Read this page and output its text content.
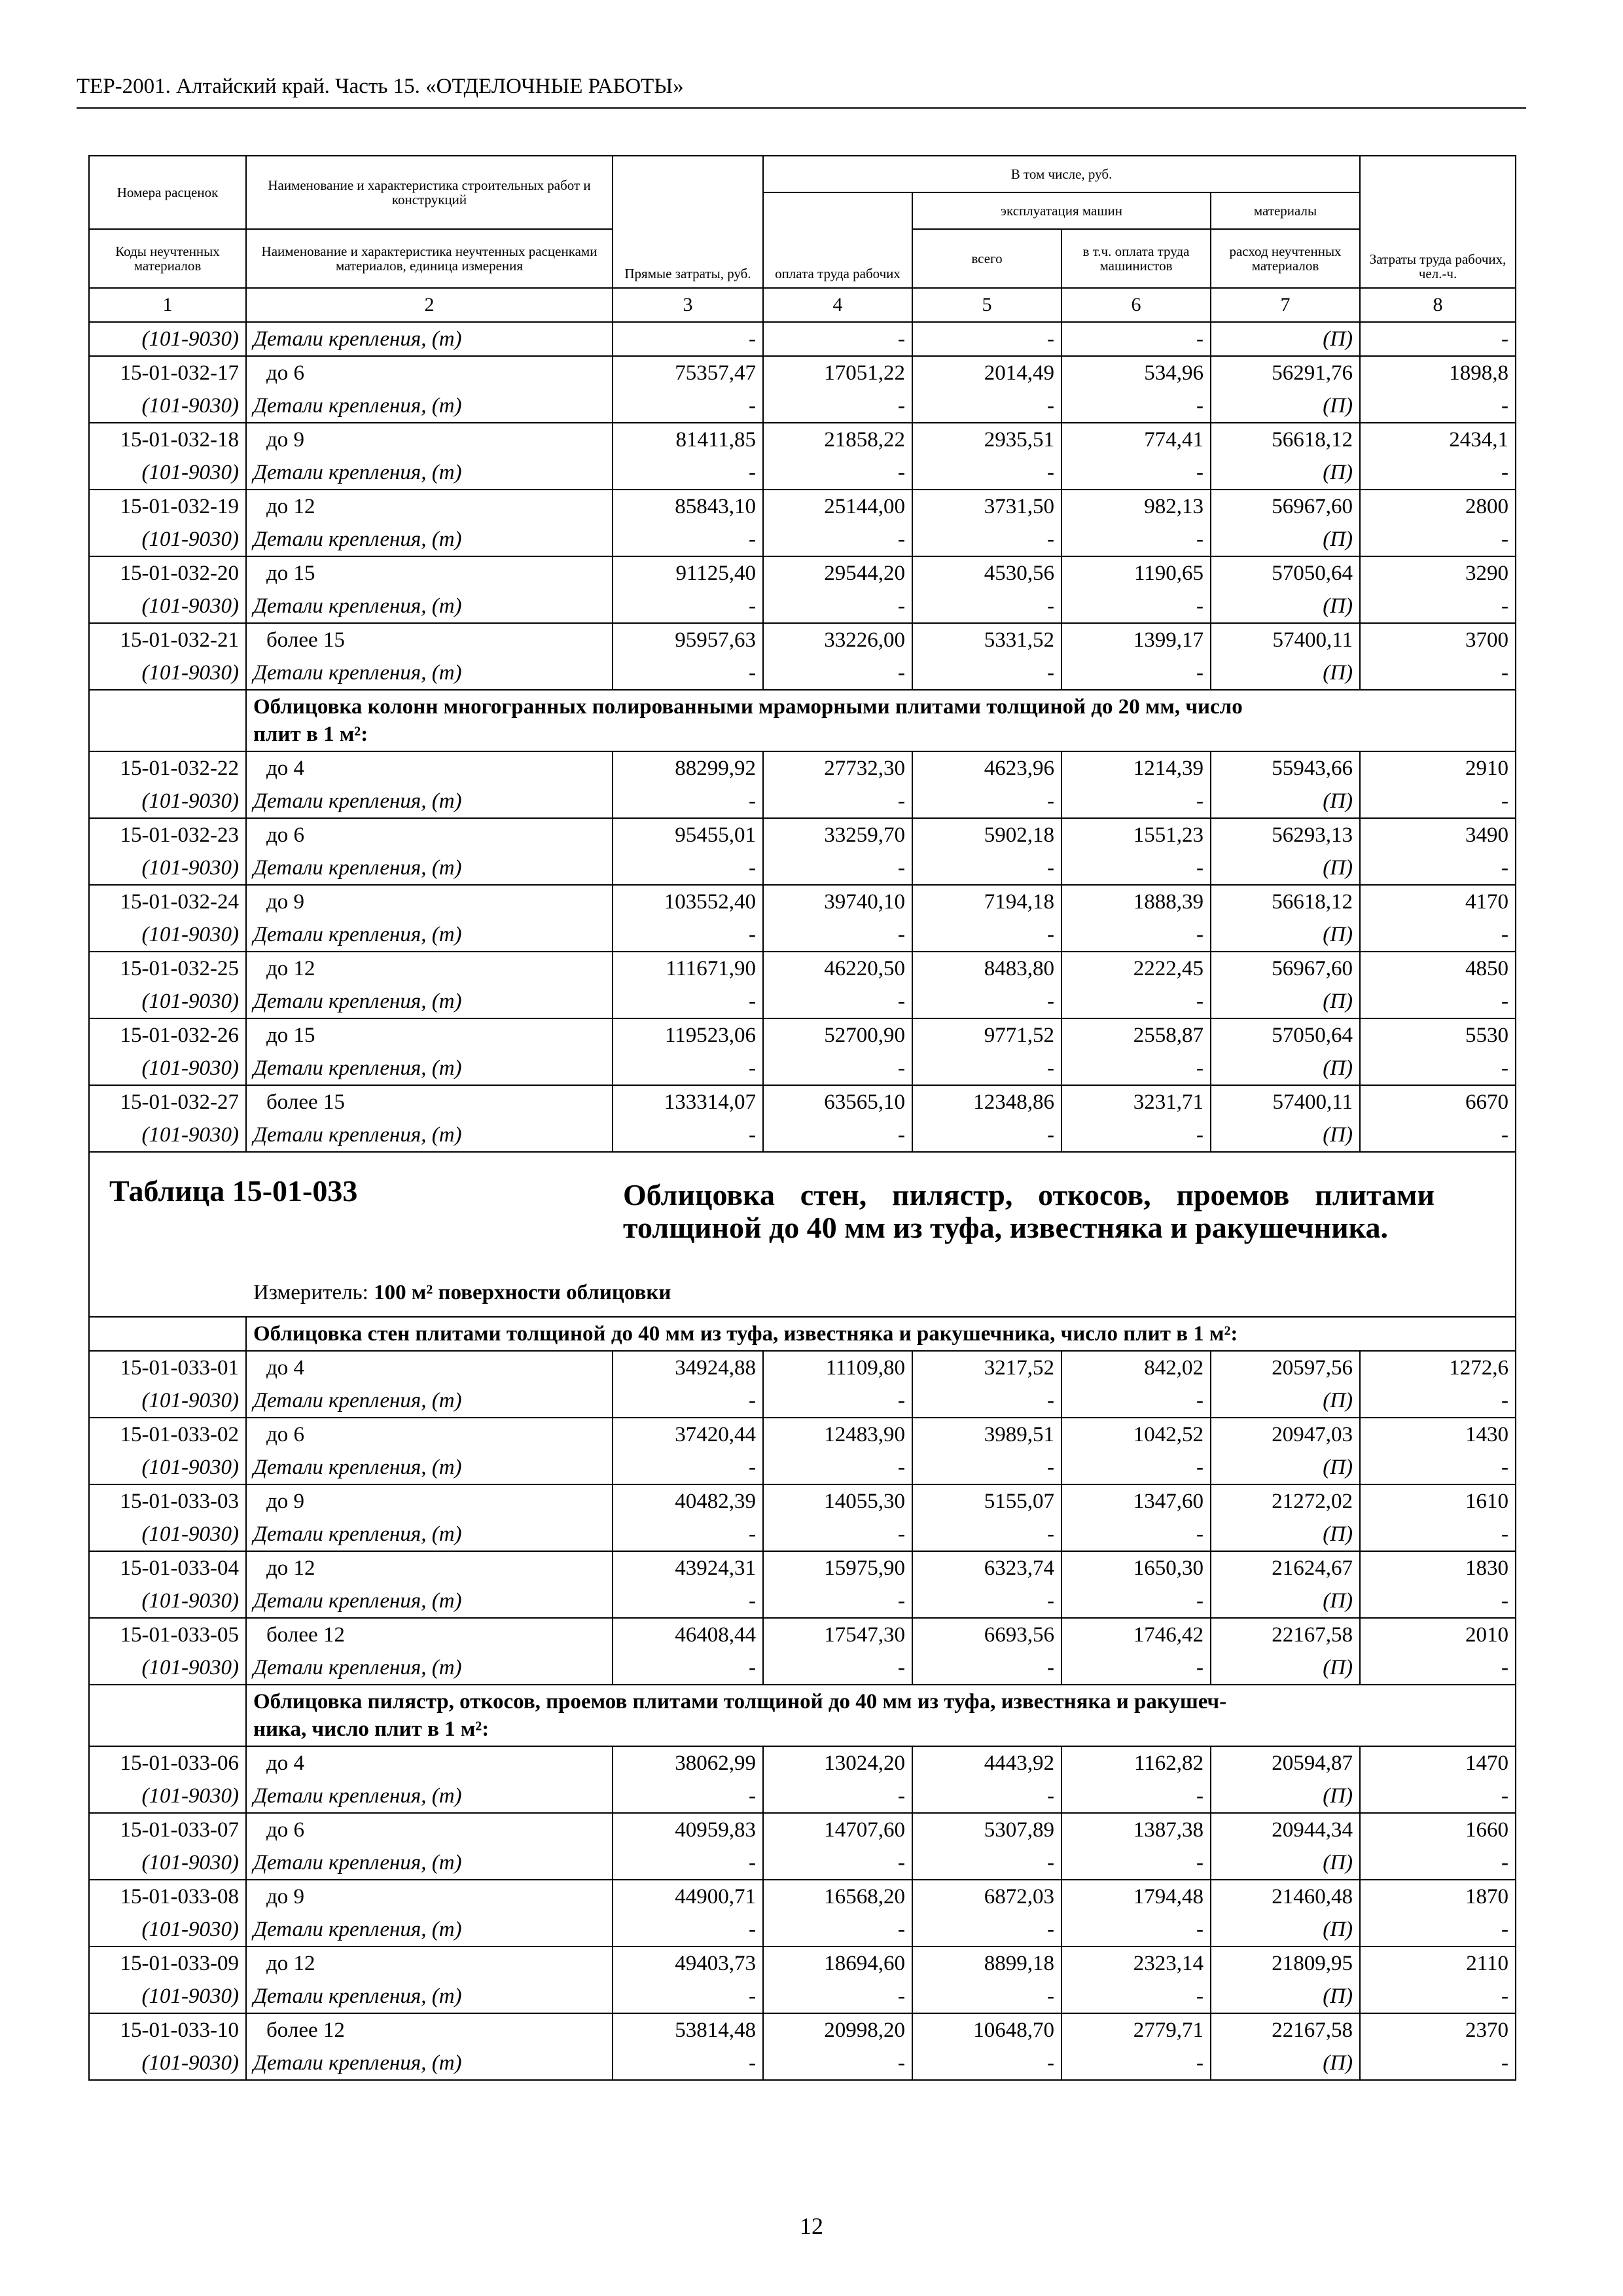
ТЕР-2001. Алтайский край. Часть 15. «ОТДЕЛОЧНЫЕ РАБОТЫ»
Номера расценок	Наименование и характеристика строительных работ и конструкций	Прямые затраты, руб.	В том числе, руб.				Затраты труда рабочих, чел.-ч.
			оплата труда рабочих	эксплуатация машин		материалы	
Коды неучтенных материалов	Наименование и характеристика неучтенных расценками материалов, единица измерения			всего	в т.ч. оплата труда машинистов	расход неучтенных материалов	
1	2	3	4	5	6	7	8
(101-9030)	Детали крепления, (т)	-	-	-	-	(П)	-
15-01-032-17	до 6	75357,47	17051,22	2014,49	534,96	56291,76	1898,8
(101-9030)	Детали крепления, (т)	-	-	-	-	(П)	-
15-01-032-18	до 9	81411,85	21858,22	2935,51	774,41	56618,12	2434,1
(101-9030)	Детали крепления, (т)	-	-	-	-	(П)	-
15-01-032-19	до 12	85843,10	25144,00	3731,50	982,13	56967,60	2800
(101-9030)	Детали крепления, (т)	-	-	-	-	(П)	-
15-01-032-20	до 15	91125,40	29544,20	4530,56	1190,65	57050,64	3290
(101-9030)	Детали крепления, (т)	-	-	-	-	(П)	-
15-01-032-21	более 15	95957,63	33226,00	5331,52	1399,17	57400,11	3700
(101-9030)	Детали крепления, (т)	-	-	-	-	(П)	-
	Облицовка колонн многогранных полированными мраморными плитами толщиной до 20 мм, число
плит в 1 м²:						
15-01-032-22	до 4	88299,92	27732,30	4623,96	1214,39	55943,66	2910
(101-9030)	Детали крепления, (т)	-	-	-	-	(П)	-
15-01-032-23	до 6	95455,01	33259,70	5902,18	1551,23	56293,13	3490
(101-9030)	Детали крепления, (т)	-	-	-	-	(П)	-
15-01-032-24	до 9	103552,40	39740,10	7194,18	1888,39	56618,12	4170
(101-9030)	Детали крепления, (т)	-	-	-	-	(П)	-
15-01-032-25	до 12	111671,90	46220,50	8483,80	2222,45	56967,60	4850
(101-9030)	Детали крепления, (т)	-	-	-	-	(П)	-
15-01-032-26	до 15	119523,06	52700,90	9771,52	2558,87	57050,64	5530
(101-9030)	Детали крепления, (т)	-	-	-	-	(П)	-
15-01-032-27	более 15	133314,07	63565,10	12348,86	3231,71	57400,11	6670
(101-9030)	Детали крепления, (т)	-	-	-	-	(П)	-

Таблица 15-01-033 Облицовка стен, пилястр, откосов, проемов плитами толщиной до 40 мм из туфа, известняка и ракушечника.
Измеритель: 100 м² поверхности облицовки							

	Облицовка стен плитами толщиной до 40 мм из туфа, известняка и ракушечника, число плит в 1 м²:						
15-01-033-01	до 4	34924,88	11109,80	3217,52	842,02	20597,56	1272,6
(101-9030)	Детали крепления, (т)	-	-	-	-	(П)	-
15-01-033-02	до 6	37420,44	12483,90	3989,51	1042,52	20947,03	1430
(101-9030)	Детали крепления, (т)	-	-	-	-	(П)	-
15-01-033-03	до 9	40482,39	14055,30	5155,07	1347,60	21272,02	1610
(101-9030)	Детали крепления, (т)	-	-	-	-	(П)	-
15-01-033-04	до 12	43924,31	15975,90	6323,74	1650,30	21624,67	1830
(101-9030)	Детали крепления, (т)	-	-	-	-	(П)	-
15-01-033-05	более 12	46408,44	17547,30	6693,56	1746,42	22167,58	2010
(101-9030)	Детали крепления, (т)	-	-	-	-	(П)	-
	Облицовка пилястр, откосов, проемов плитами толщиной до 40 мм из туфа, известняка и ракушеч-
ника, число плит в 1 м²:						
15-01-033-06	до 4	38062,99	13024,20	4443,92	1162,82	20594,87	1470
(101-9030)	Детали крепления, (т)	-	-	-	-	(П)	-
15-01-033-07	до 6	40959,83	14707,60	5307,89	1387,38	20944,34	1660
(101-9030)	Детали крепления, (т)	-	-	-	-	(П)	-
15-01-033-08	до 9	44900,71	16568,20	6872,03	1794,48	21460,48	1870
(101-9030)	Детали крепления, (т)	-	-	-	-	(П)	-
15-01-033-09	до 12	49403,73	18694,60	8899,18	2323,14	21809,95	2110
(101-9030)	Детали крепления, (т)	-	-	-	-	(П)	-
15-01-033-10	более 12	53814,48	20998,20	10648,70	2779,71	22167,58	2370
(101-9030)	Детали крепления, (т)	-	-	-	-	(П)	-
12
